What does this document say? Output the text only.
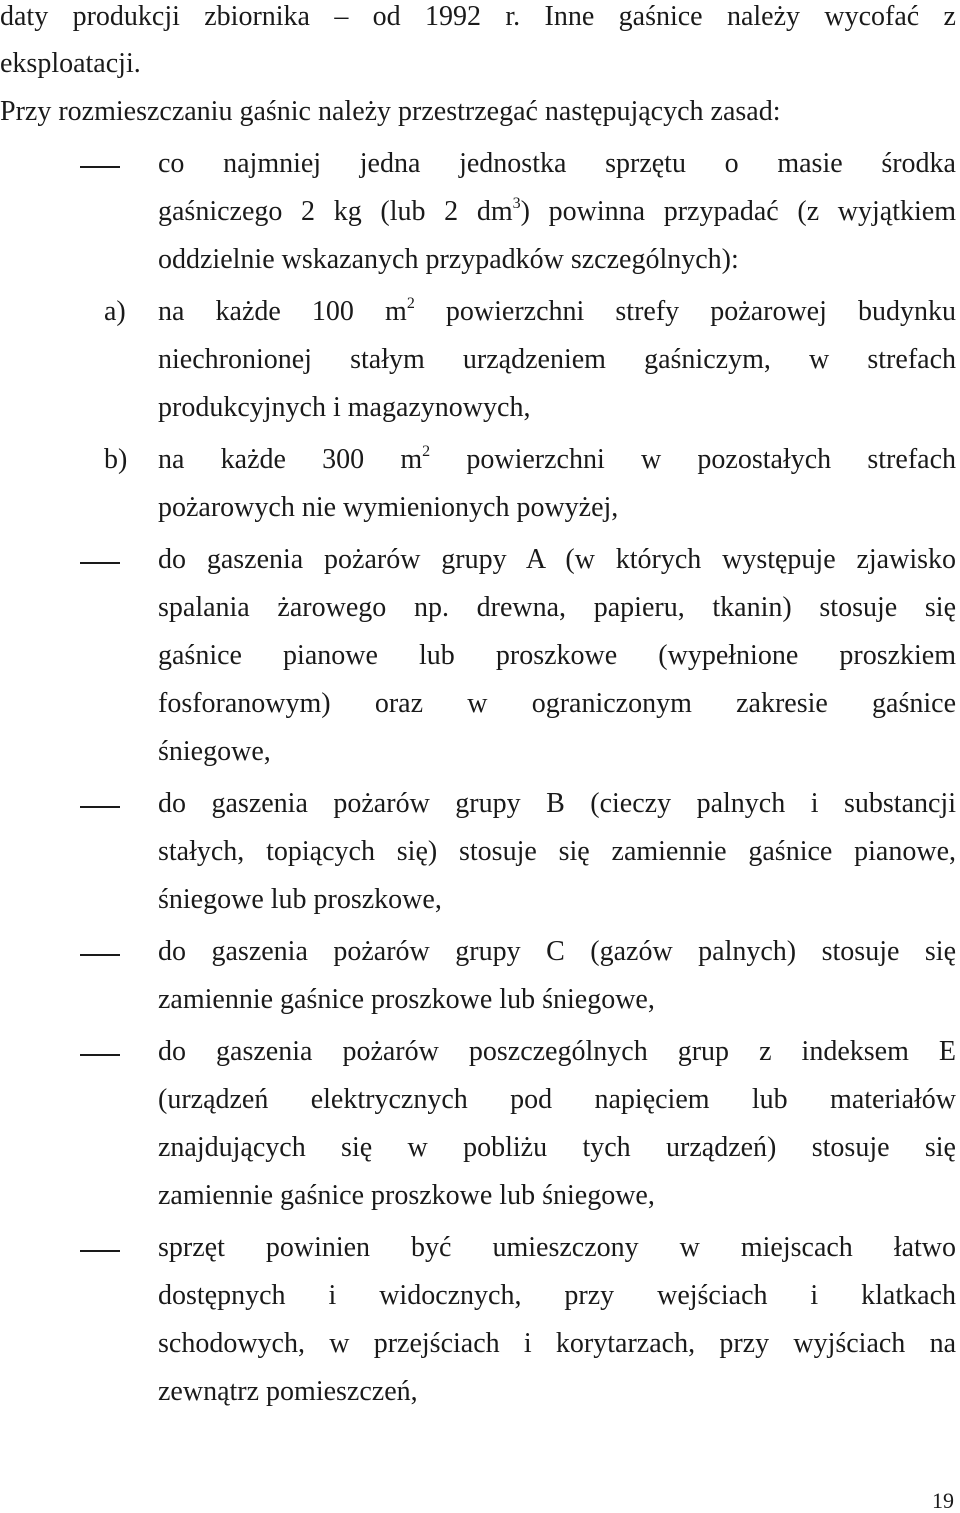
daty produkcji zbiornika – od 1992 r. Inne gaśnice należy wycofać z
eksploatacji.
Przy rozmieszczaniu gaśnic należy przestrzegać następujących zasad:
co najmniej jedna jednostka sprzętu o masie środka
gaśniczego 2 kg (lub 2 $dm^3$) powinna przypadać (z wyjątkiem
oddzielnie wskazanych przypadków szczególnych):
a) na każde 100 $m^2$ powierzchni strefy pożarowej budynku
niechronionej stałym urządzeniem gaśniczym, w strefach
produkcyjnych i magazynowych,
b) na każde 300 $m^2$ powierzchni w pozostałych strefach
pożarowych nie wymienionych powyżej,
do gaszenia pożarów grupy A (w których występuje zjawisko
spalania żarowego np. drewna, papieru, tkanin) stosuje się
gaśnice pianowe lub proszkowe (wypełnione proszkiem
fosforanowym) oraz w ograniczonym zakresie gaśnice
śniegowe,
do gaszenia pożarów grupy B (cieczy palnych i substancji
stałych, topiących się) stosuje się zamiennie gaśnice pianowe,
śniegowe lub proszkowe,
do gaszenia pożarów grupy C (gazów palnych) stosuje się
zamiennie gaśnice proszkowe lub śniegowe,
do gaszenia pożarów poszczególnych grup z indeksem E
(urządzeń elektrycznych pod napięciem lub materiałów
znajdujących się w pobliżu tych urządzeń) stosuje się
zamiennie gaśnice proszkowe lub śniegowe,
sprzęt powinien być umieszczony w miejscach łatwo
dostępnych i widocznych, przy wejściach i klatkach
schodowych, w przejściach i korytarzach, przy wyjściach na
zewnątrz pomieszczeń,
19
